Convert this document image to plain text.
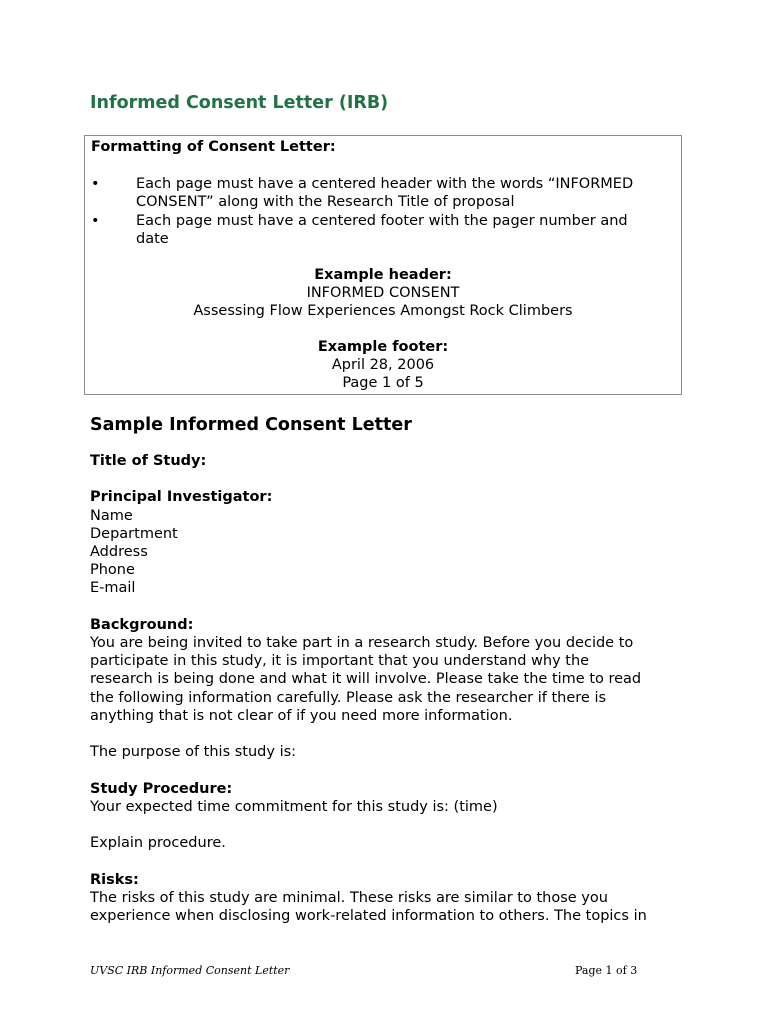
Informed Consent Letter (IRB)

Formatting of Consent Letter:

•	Each page must have a centered header with the words “INFORMED CONSENT” along with the Research Title of proposal
•	Each page must have a centered footer with the pager number and date
Example header:
INFORMED CONSENT
Assessing Flow Experiences Amongst Rock Climbers
Example footer:
April 28, 2006
Page 1 of 5

Sample Informed Consent Letter

Title of Study:
Principal Investigator:
Name
Department
Address
Phone
E-mail
Background:
You are being invited to take part in a research study. Before you decide to
participate in this study, it is important that you understand why the
research is being done and what it will involve. Please take the time to read
the following information carefully. Please ask the researcher if there is
anything that is not clear of if you need more information.
The purpose of this study is:
Study Procedure:
Your expected time commitment for this study is: (time)
Explain procedure.
Risks:
The risks of this study are minimal. These risks are similar to those you
experience when disclosing work-related information to others. The topics in
UVSC IRB Informed Consent Letter	Page 1 of 3
